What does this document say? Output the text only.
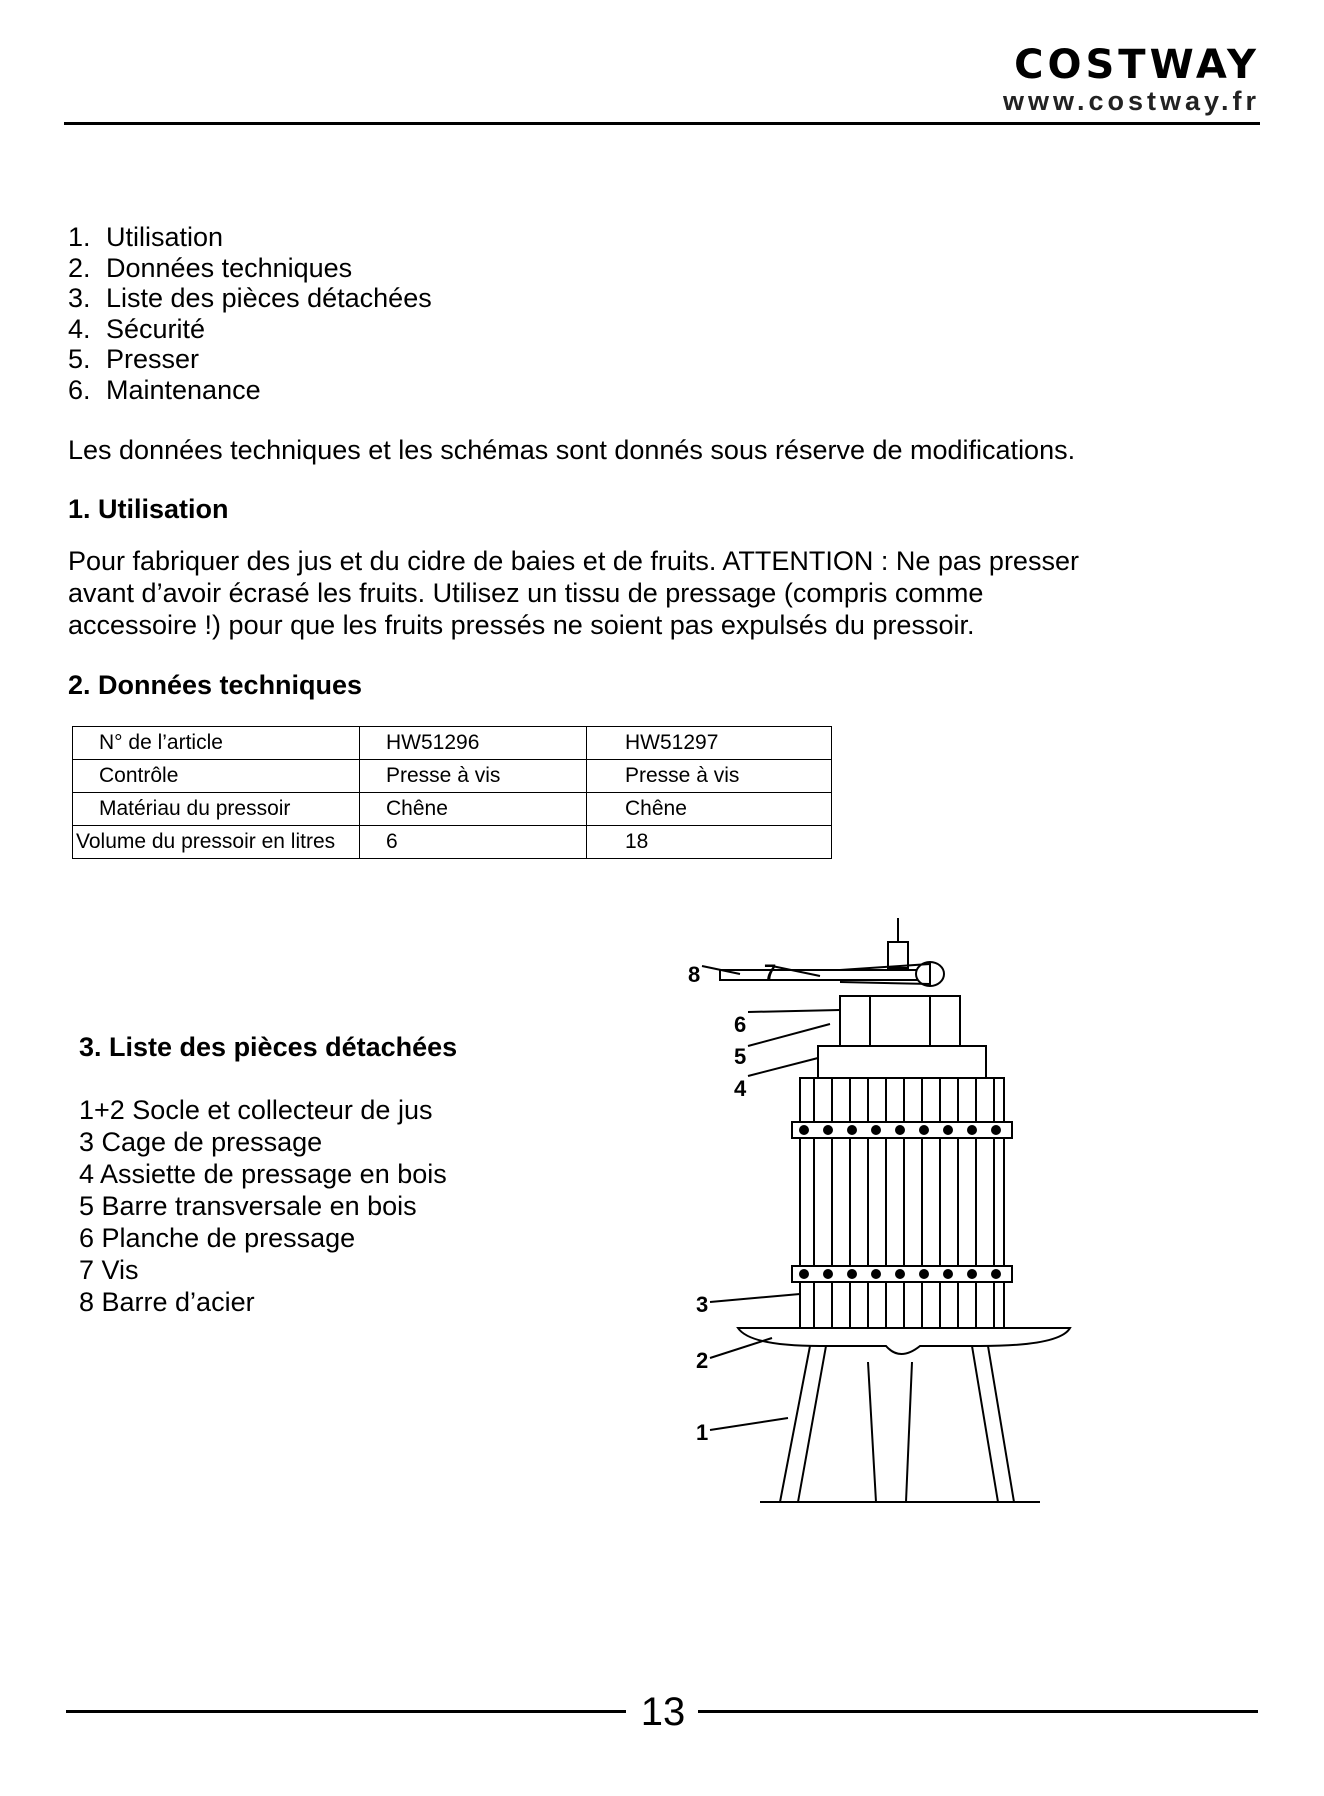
COSTWAY
www.costway.fr
1. Utilisation
2. Données techniques
3. Liste des pièces détachées
4. Sécurité
5. Presser
6. Maintenance

Les données techniques et les schémas sont donnés sous réserve de modifications.

1. Utilisation
Pour fabriquer des jus et du cidre de baies et de fruits. ATTENTION : Ne pas presser
avant d’avoir écrasé les fruits. Utilisez un tissu de pressage (compris comme
accessoire !) pour que les fruits pressés ne soient pas expulsés du pressoir.
2. Données techniques
N° de l’article	HW51296	HW51297
Contrôle	Presse à vis	Presse à vis
Matériau du pressoir	Chêne	Chêne
Volume du pressoir en litres	6	18
3. Liste des pièces détachées
1+2 Socle et collecteur de jus
3 Cage de pressage
4 Assiette de pressage en bois
5 Barre transversale en bois
6 Planche de pressage
7 Vis
8 Barre d’acier
8	7
6
5
4
3
2
1
13
